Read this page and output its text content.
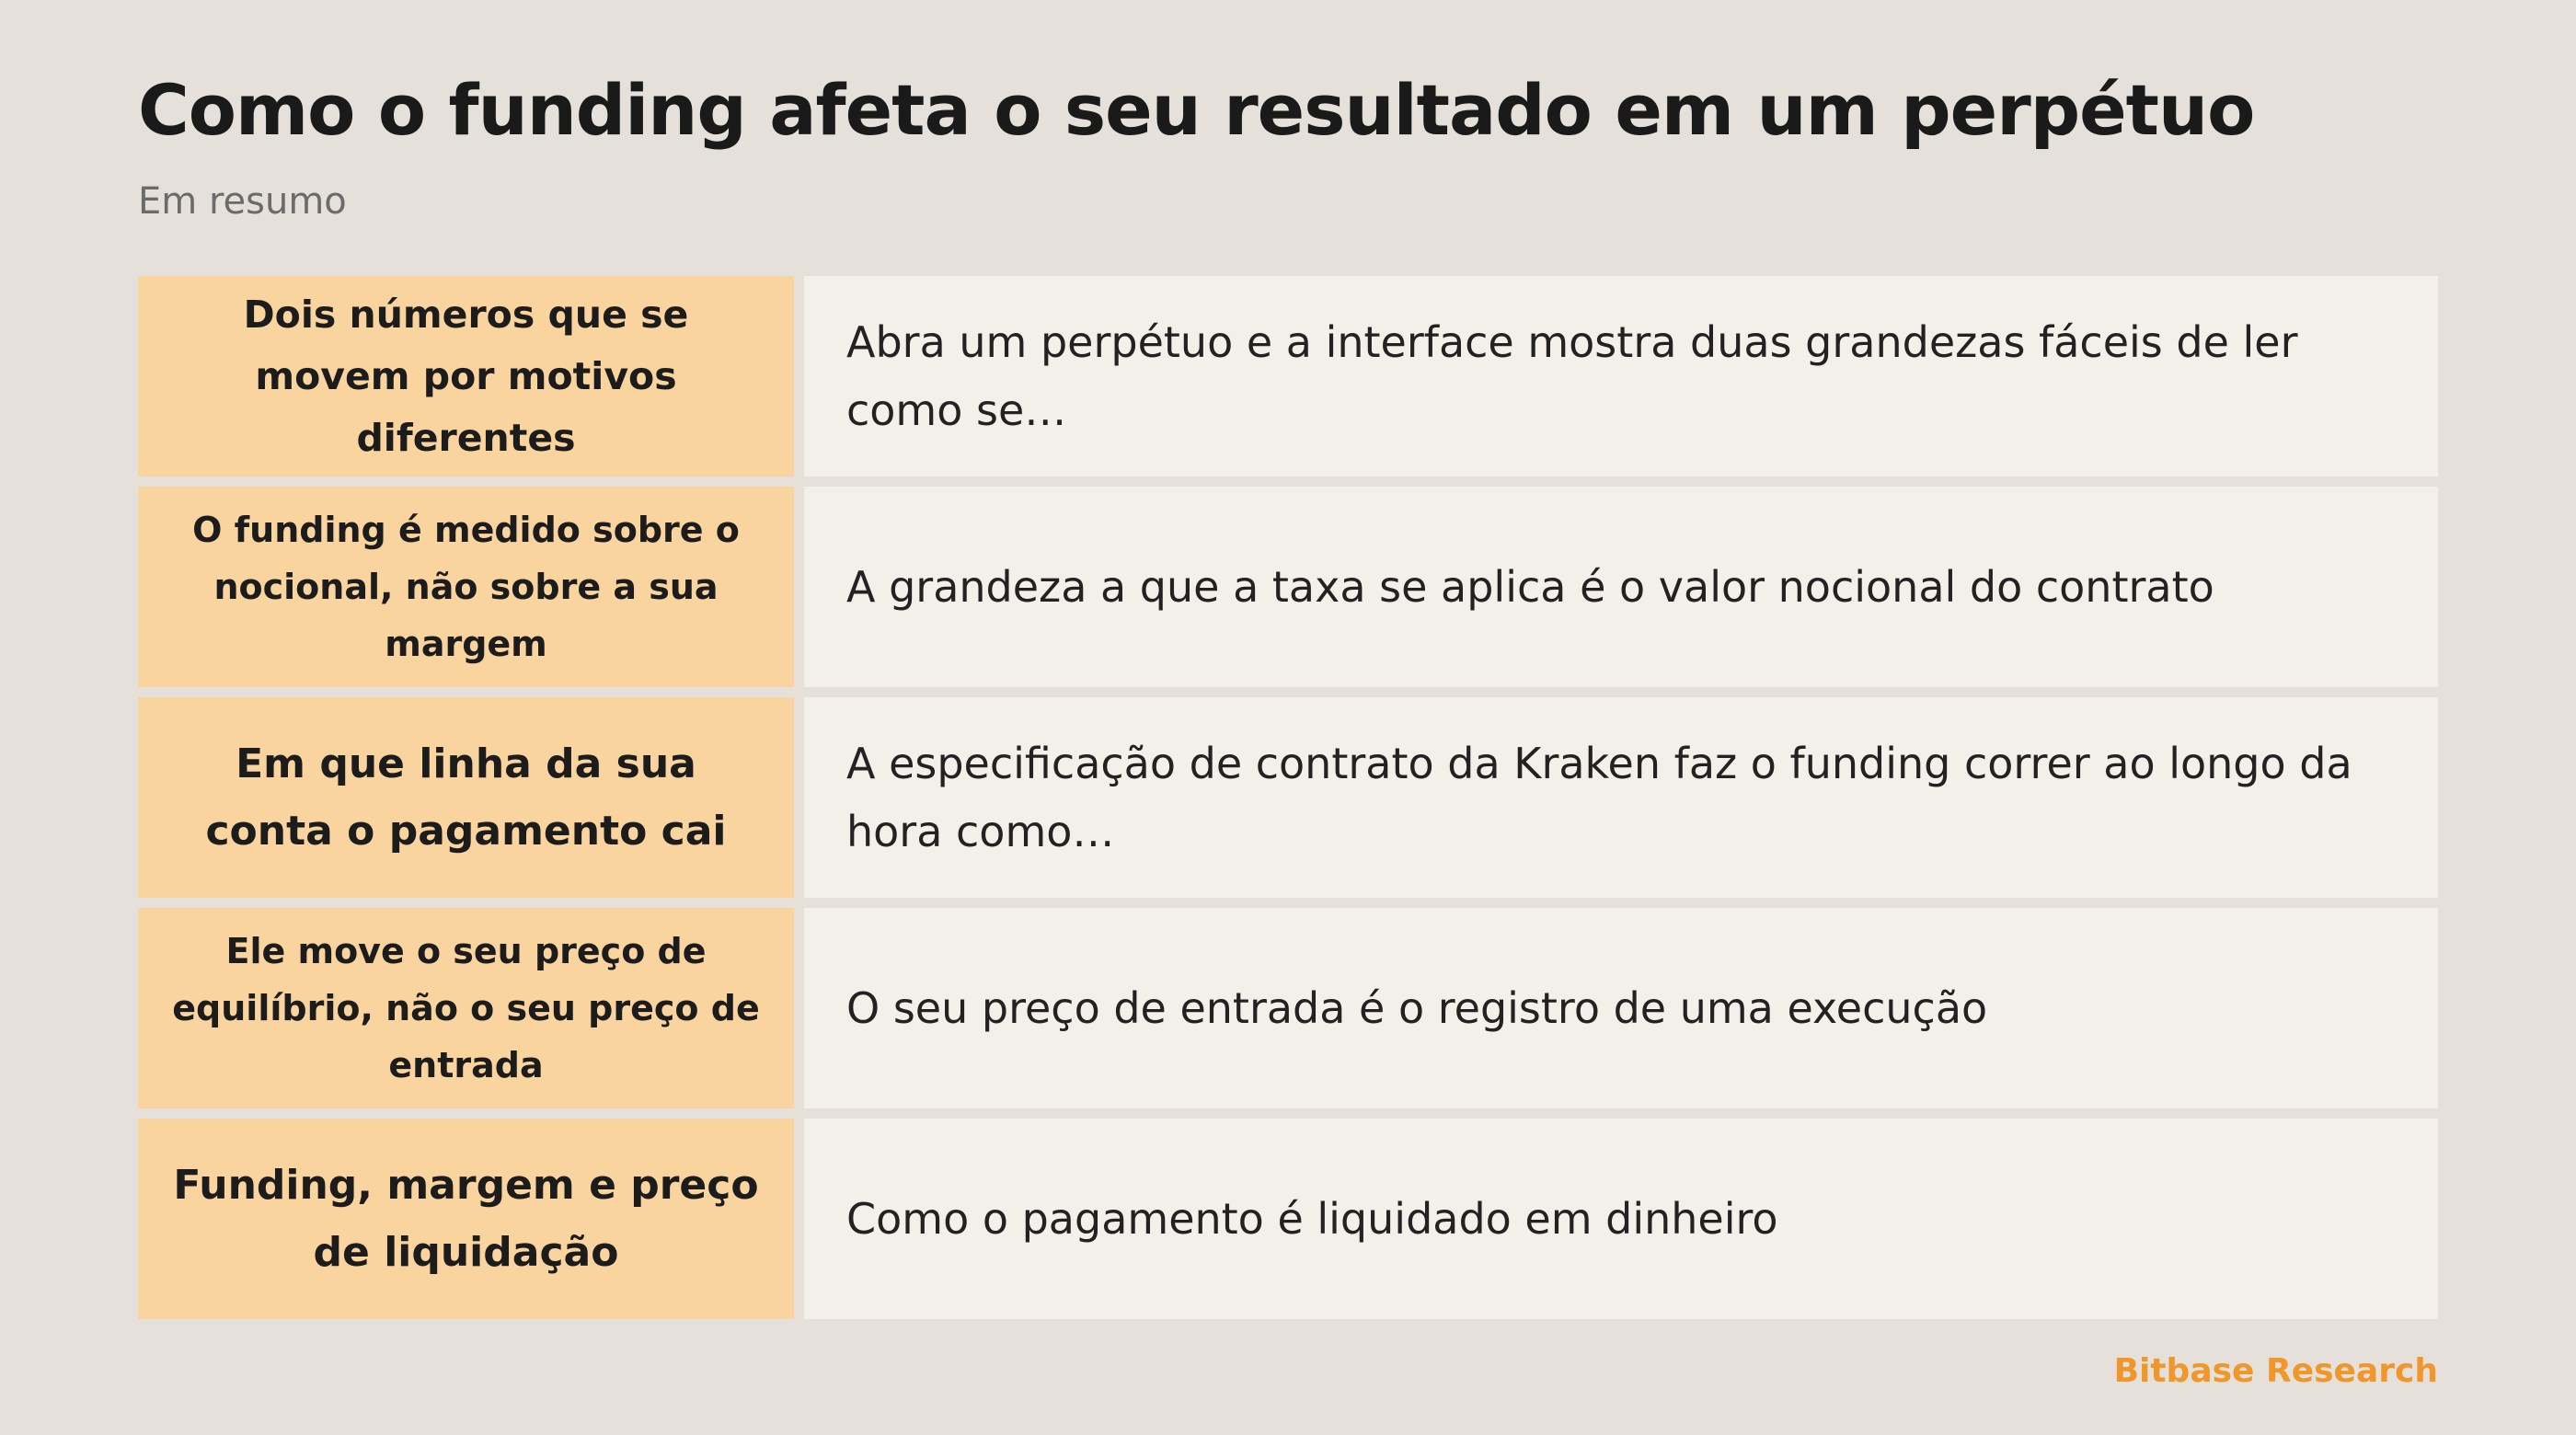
Como o funding afeta o seu resultado em um perpétuo
Em resumo
Dois números que se movem por motivos diferentes
Abra um perpétuo e a interface mostra duas grandezas fáceis de ler como se…
O funding é medido sobre o nocional, não sobre a sua margem
A grandeza a que a taxa se aplica é o valor nocional do contrato
Em que linha da sua conta o pagamento cai
A especificação de contrato da Kraken faz o funding correr ao longo da hora como…
Ele move o seu preço de equilíbrio, não o seu preço de entrada
O seu preço de entrada é o registro de uma execução
Funding, margem e preço de liquidação
Como o pagamento é liquidado em dinheiro
Bitbase Research
